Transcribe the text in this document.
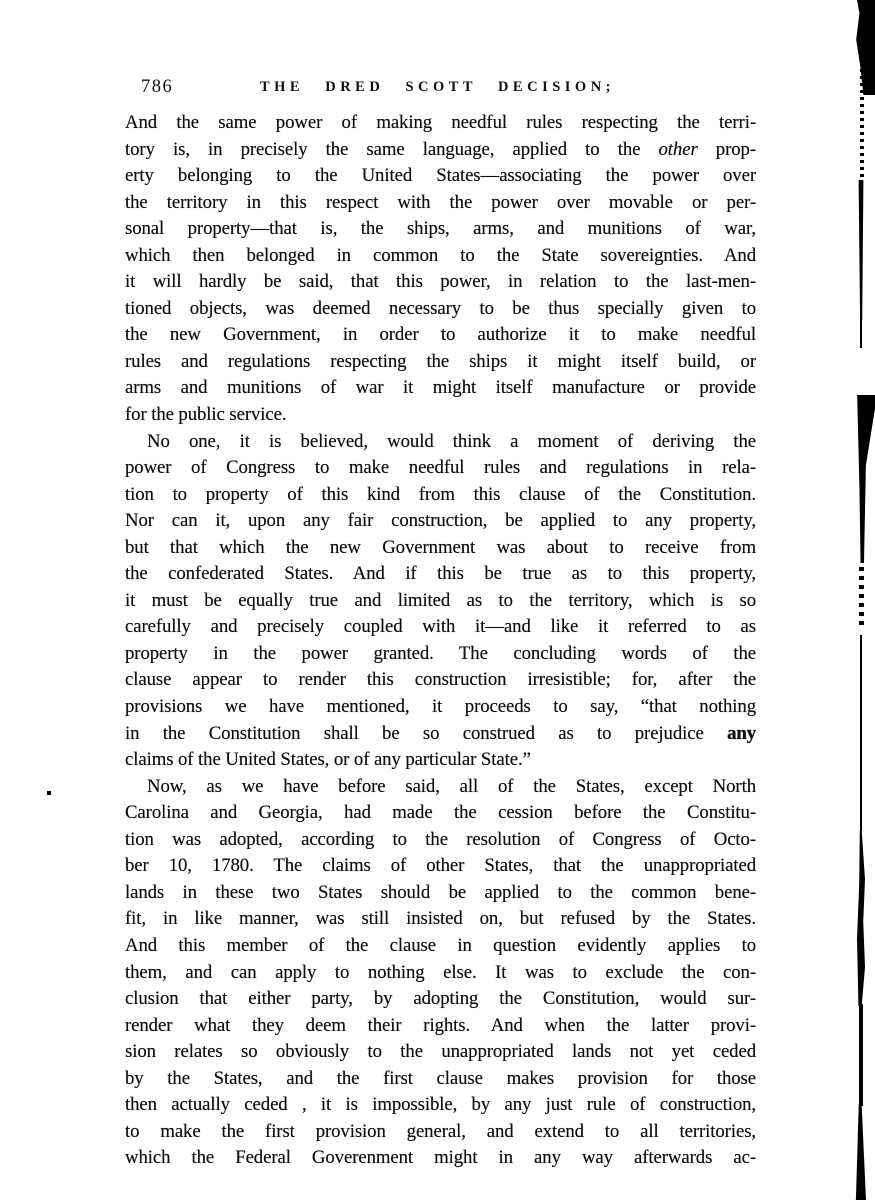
786	THE DRED SCOTT DECISION;
And the same power of making needful rules respecting the terri-
tory is, in precisely the same language, applied to the other prop-
erty belonging to the United States—associating the power over
the territory in this respect with the power over movable or per-
sonal property—that is, the ships, arms, and munitions of war,
which then belonged in common to the State sovereignties. And
it will hardly be said, that this power, in relation to the last-men-
tioned objects, was deemed necessary to be thus specially given to
the new Government, in order to authorize it to make needful
rules and regulations respecting the ships it might itself build, or
arms and munitions of war it might itself manufacture or provide
for the public service.
No one, it is believed, would think a moment of deriving the
power of Congress to make needful rules and regulations in rela-
tion to property of this kind from this clause of the Constitution.
Nor can it, upon any fair construction, be applied to any property,
but that which the new Government was about to receive from
the confederated States. And if this be true as to this property,
it must be equally true and limited as to the territory, which is so
carefully and precisely coupled with it—and like it referred to as
property in the power granted. The concluding words of the
clause appear to render this construction irresistible; for, after the
provisions we have mentioned, it proceeds to say, “that nothing
in the Constitution shall be so construed as to prejudice any
claims of the United States, or of any particular State.”
Now, as we have before said, all of the States, except North
Carolina and Georgia, had made the cession before the Constitu-
tion was adopted, according to the resolution of Congress of Octo-
ber 10, 1780. The claims of other States, that the unappropriated
lands in these two States should be applied to the common bene-
fit, in like manner, was still insisted on, but refused by the States.
And this member of the clause in question evidently applies to
them, and can apply to nothing else. It was to exclude the con-
clusion that either party, by adopting the Constitution, would sur-
render what they deem their rights. And when the latter provi-
sion relates so obviously to the unappropriated lands not yet ceded
by the States, and the first clause makes provision for those
then actually ceded , it is impossible, by any just rule of construction,
to make the first provision general, and extend to all territories,
which the Federal Goverenment might in any way afterwards ac-
